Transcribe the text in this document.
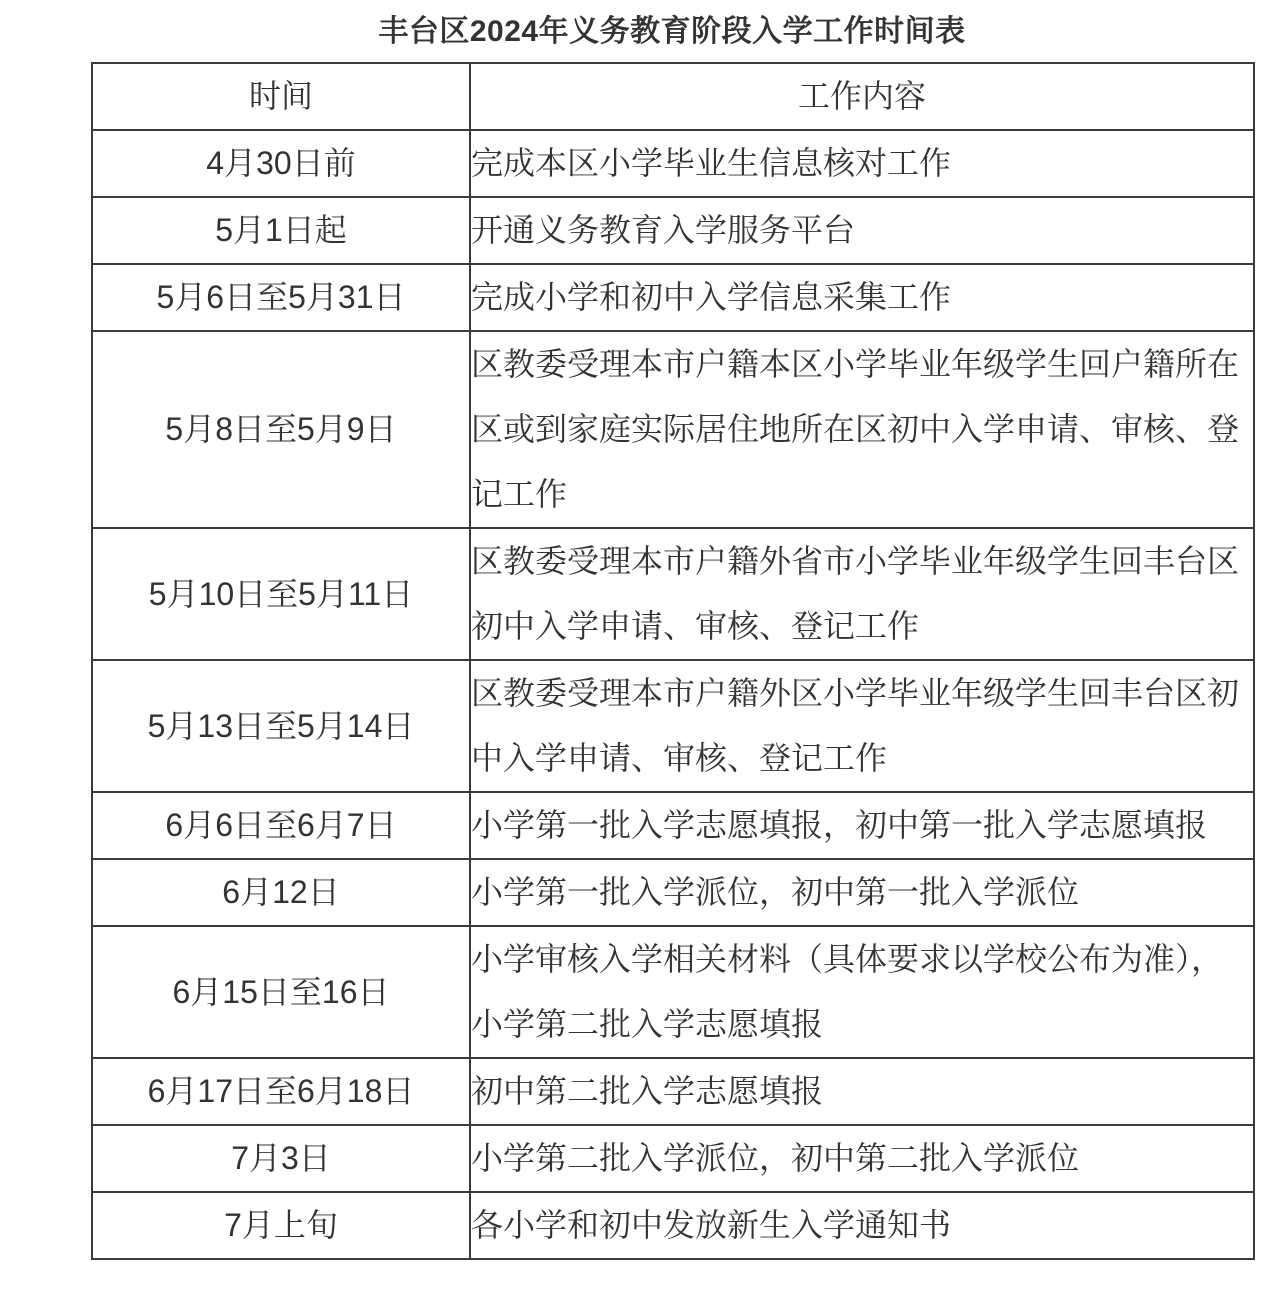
丰台区2024年义务教育阶段入学工作时间表
时间	工作内容
4月30日前	完成本区小学毕业生信息核对工作
5月1日起	开通义务教育入学服务平台
5月6日至5月31日	完成小学和初中入学信息采集工作
5月8日至5月9日	区教委受理本市户籍本区小学毕业年级学生回户籍所在区或到家庭实际居住地所在区初中入学申请、审核、登记工作
5月10日至5月11日	区教委受理本市户籍外省市小学毕业年级学生回丰台区初中入学申请、审核、登记工作
5月13日至5月14日	区教委受理本市户籍外区小学毕业年级学生回丰台区初中入学申请、审核、登记工作
6月6日至6月7日	小学第一批入学志愿填报，初中第一批入学志愿填报
6月12日	小学第一批入学派位，初中第一批入学派位
6月15日至16日	小学审核入学相关材料（具体要求以学校公布为准），小学第二批入学志愿填报
6月17日至6月18日	初中第二批入学志愿填报
7月3日	小学第二批入学派位，初中第二批入学派位
7月上旬	各小学和初中发放新生入学通知书
